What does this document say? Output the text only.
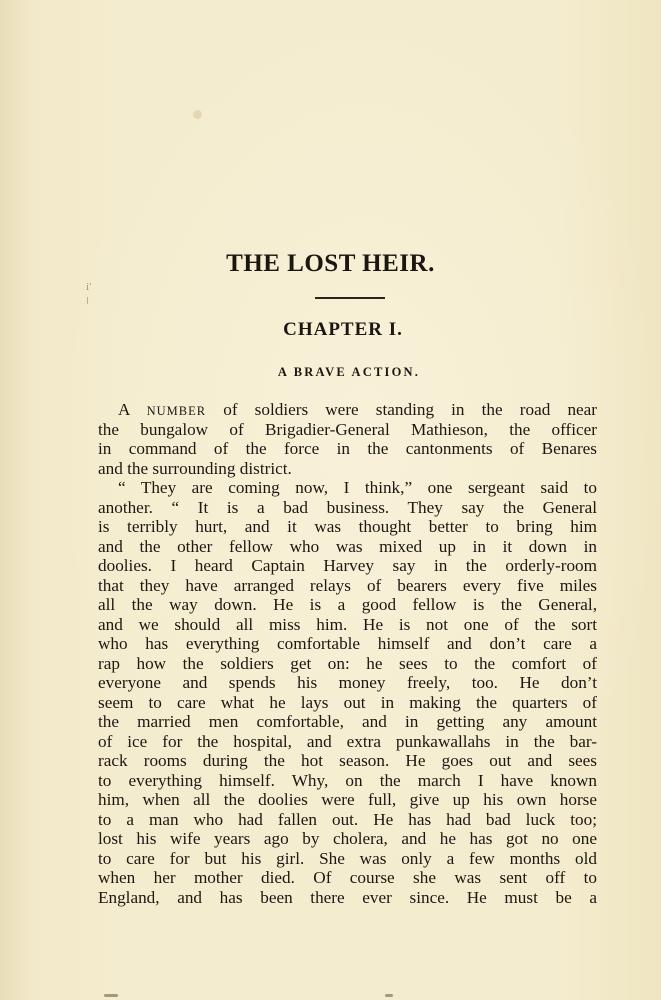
i’
ǀ
THE LOST HEIR.
CHAPTER I.
A BRAVE ACTION.
A NUMBER of soldiers were standing in the road near
the bungalow of Brigadier-General Mathieson, the officer
in command of the force in the cantonments of Benares
and the surrounding district.
“ They are coming now, I think,” one sergeant said to
another. “ It is a bad business. They say the General
is terribly hurt, and it was thought better to bring him
and the other fellow who was mixed up in it down in
doolies. I heard Captain Harvey say in the orderly-room
that they have arranged relays of bearers every five miles
all the way down. He is a good fellow is the General,
and we should all miss him. He is not one of the sort
who has everything comfortable himself and don’t care a
rap how the soldiers get on: he sees to the comfort of
everyone and spends his money freely, too. He don’t
seem to care what he lays out in making the quarters of
the married men comfortable, and in getting any amount
of ice for the hospital, and extra punkawallahs in the bar-
rack rooms during the hot season. He goes out and sees
to everything himself. Why, on the march I have known
him, when all the doolies were full, give up his own horse
to a man who had fallen out. He has had bad luck too;
lost his wife years ago by cholera, and he has got no one
to care for but his girl. She was only a few months old
when her mother died. Of course she was sent off to
England, and has been there ever since. He must be a
